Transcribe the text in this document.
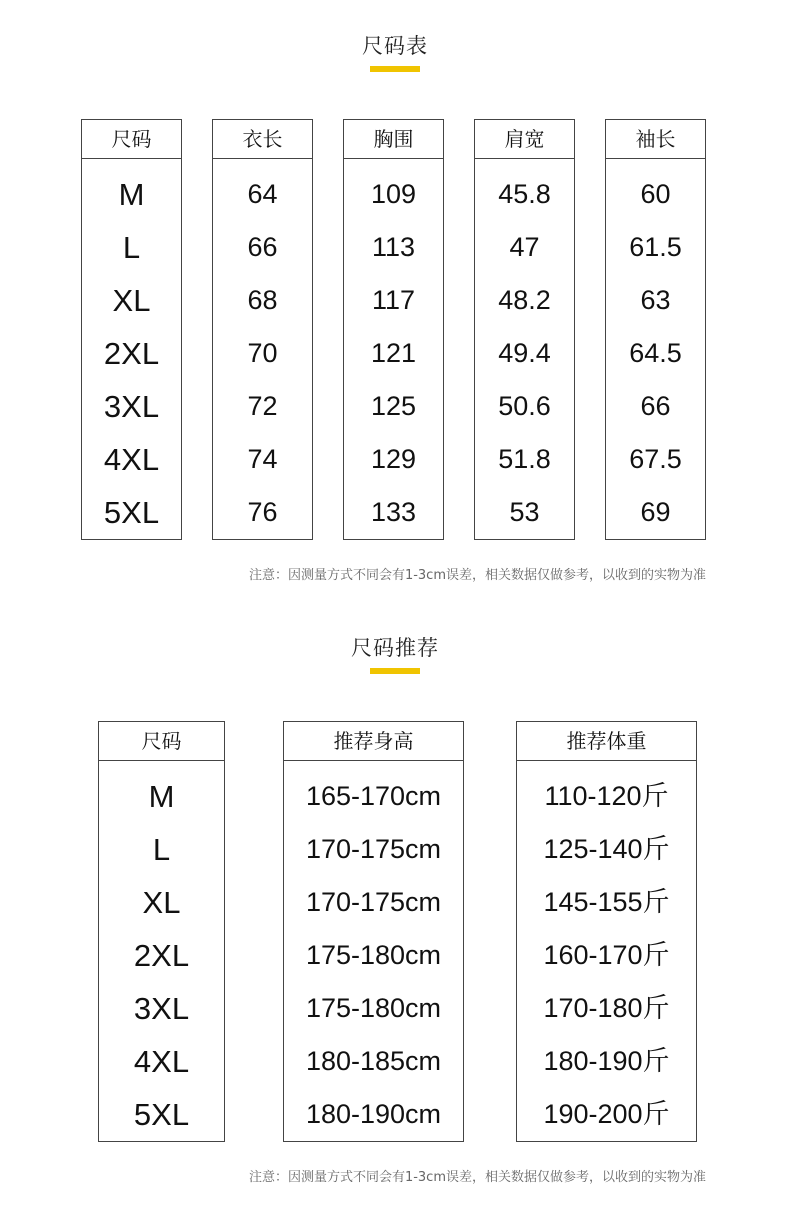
尺码表
尺码
M
L
XL
2XL
3XL
4XL
5XL
衣长
64
66
68
70
72
74
76
胸围
109
113
117
121
125
129
133
肩宽
45.8
47
48.2
49.4
50.6
51.8
53
袖长
60
61.5
63
64.5
66
67.5
69
注意：因测量方式不同会有1-3cm误差，相关数据仅做参考，以收到的实物为准
尺码推荐
尺码
M
L
XL
2XL
3XL
4XL
5XL
推荐身高
165-170cm
170-175cm
170-175cm
175-180cm
175-180cm
180-185cm
180-190cm
推荐体重
110-120斤
125-140斤
145-155斤
160-170斤
170-180斤
180-190斤
190-200斤
注意：因测量方式不同会有1-3cm误差，相关数据仅做参考，以收到的实物为准
